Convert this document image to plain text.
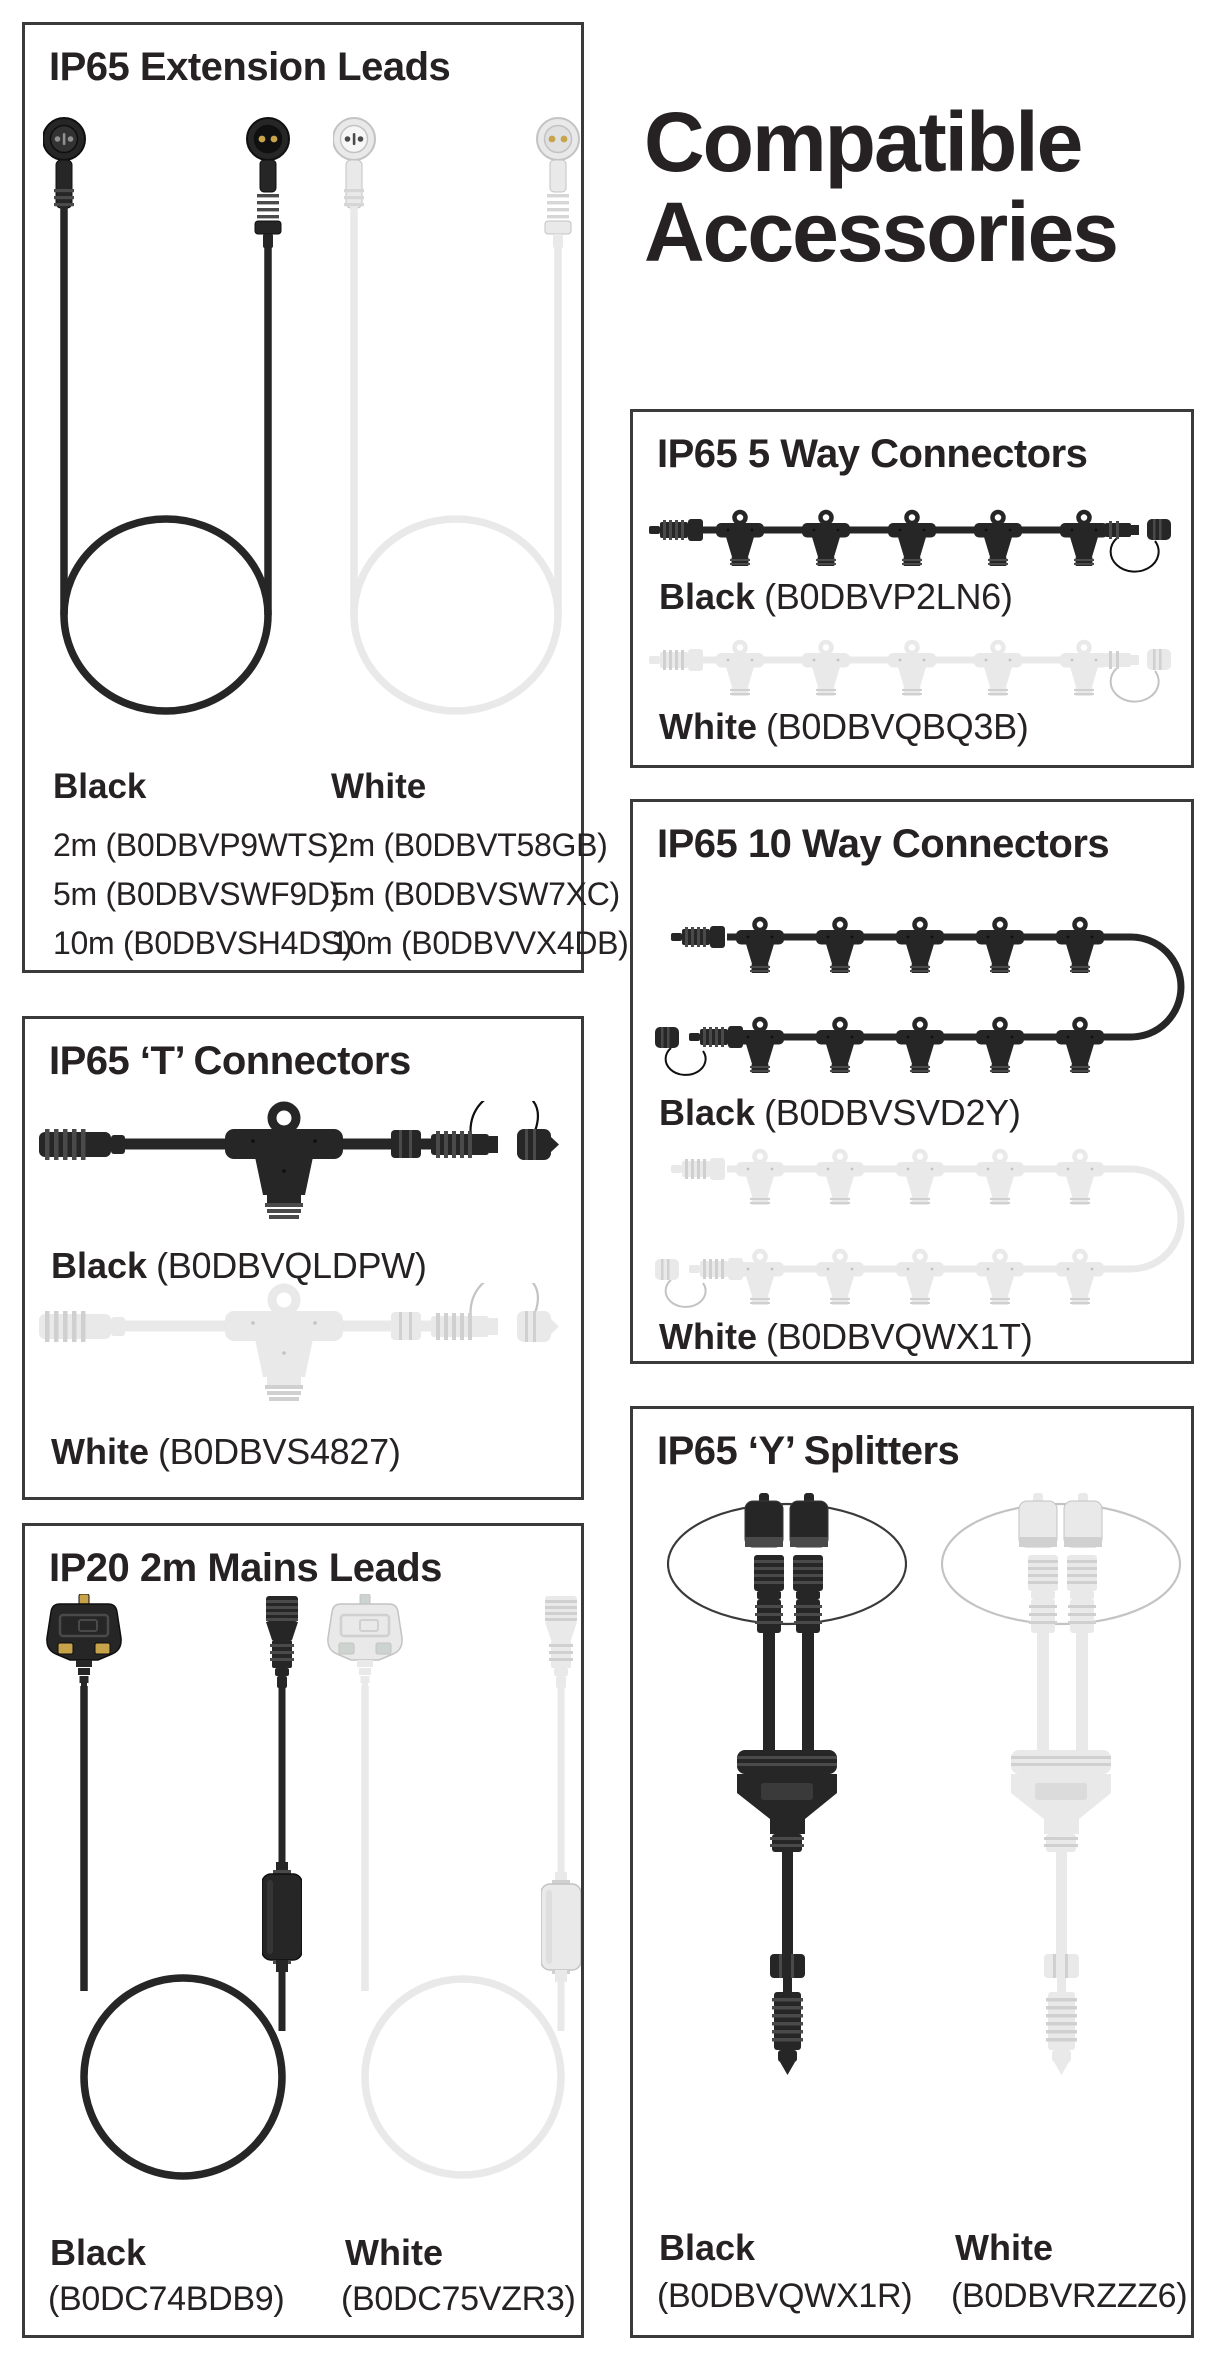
Compatible
Accessories
IP65 Extension Leads
Black
2m (B0DBVP9WTS)
5m (B0DBVSWF9D)
10m (B0DBVSH4DS)
White
2m (B0DBVT58GB)
5m (B0DBVSW7XC)
10m (B0DBVVX4DB)
IP65 ‘T’ Connectors
Black (B0DBVQLDPW)
White (B0DBVS4827)
IP20 2m Mains Leads
Black
(B0DC74BDB9)
White
(B0DC75VZR3)
IP65 5 Way Connectors
Black (B0DBVP2LN6)
White (B0DBVQBQ3B)
IP65 10 Way Connectors
Black (B0DBVSVD2Y)
White (B0DBVQWX1T)
IP65 ‘Y’ Splitters
Black
(B0DBVQWX1R)
White
(B0DBVRZZZ6)
